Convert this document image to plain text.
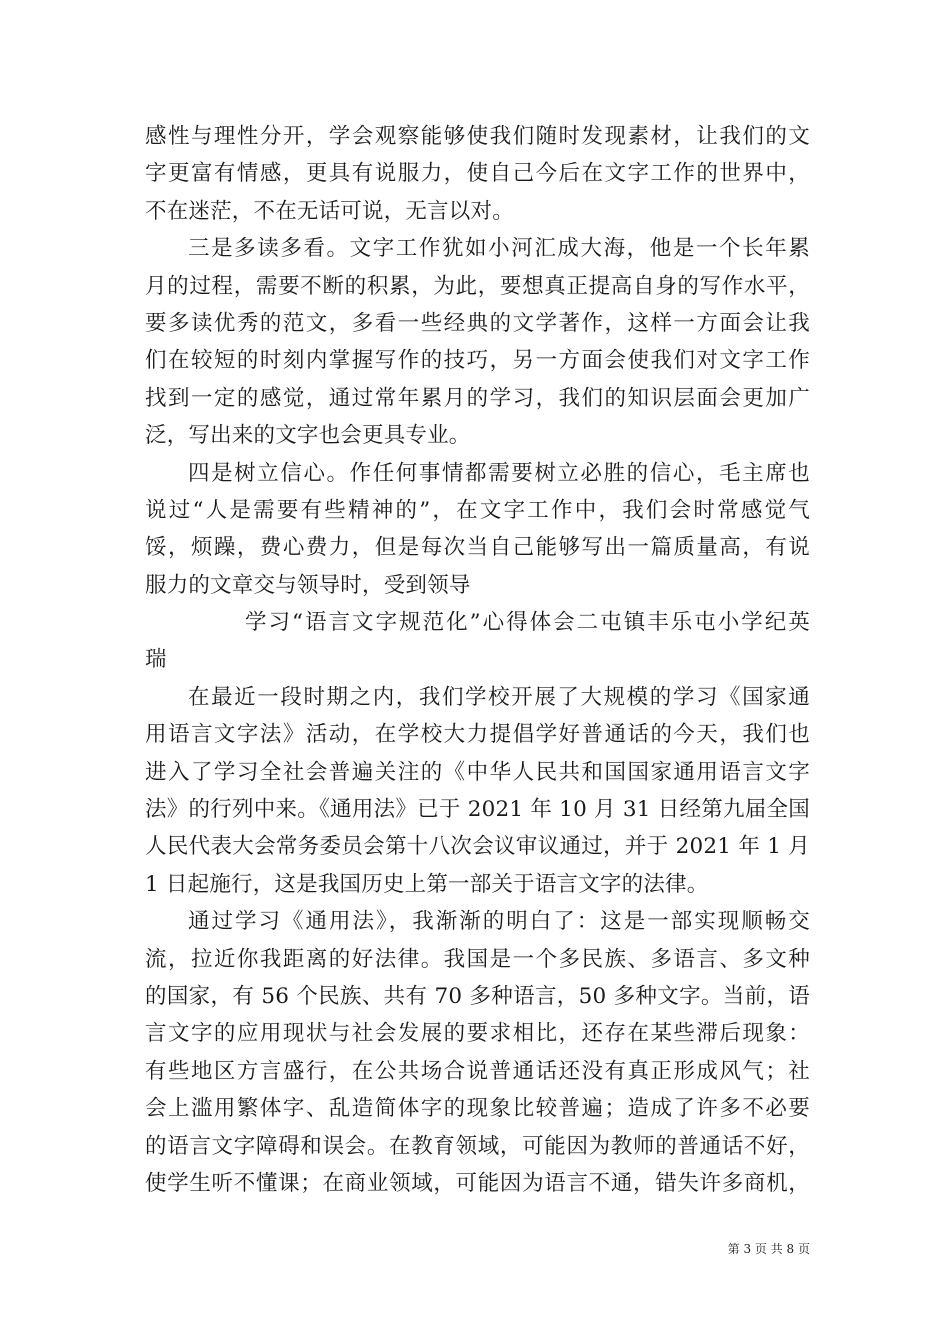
感性与理性分开，学会观察能够使我们随时发现素材，让我们的文
字更富有情感，更具有说服力，使自己今后在文字工作的世界中，
不在迷茫，不在无话可说，无言以对。
三是多读多看。文字工作犹如小河汇成大海，他是一个长年累
月的过程，需要不断的积累，为此，要想真正提高自身的写作水平，
要多读优秀的范文，多看一些经典的文学著作，这样一方面会让我
们在较短的时刻内掌握写作的技巧，另一方面会使我们对文字工作
找到一定的感觉，通过常年累月的学习，我们的知识层面会更加广
泛，写出来的文字也会更具专业。
四是树立信心。作任何事情都需要树立必胜的信心，毛主席也
说过“人是需要有些精神的”，在文字工作中，我们会时常感觉气
馁，烦躁，费心费力，但是每次当自己能够写出一篇质量高，有说
服力的文章交与领导时，受到领导
学习“语言文字规范化”心得体会二屯镇丰乐屯小学纪英
瑞
在最近一段时期之内，我们学校开展了大规模的学习《国家通
用语言文字法》活动，在学校大力提倡学好普通话的今天，我们也
进入了学习全社会普遍关注的《中华人民共和国国家通用语言文字
法》的行列中来。《通用法》已于 2021 年 10 月 31 日经第九届全国
人民代表大会常务委员会第十八次会议审议通过，并于 2021 年 1 月
1 日起施行，这是我国历史上第一部关于语言文字的法律。
通过学习《通用法》，我渐渐的明白了：这是一部实现顺畅交
流，拉近你我距离的好法律。我国是一个多民族、多语言、多文种
的国家，有 56 个民族、共有 70 多种语言，50 多种文字。当前，语
言文字的应用现状与社会发展的要求相比，还存在某些滞后现象：
有些地区方言盛行，在公共场合说普通话还没有真正形成风气；社
会上滥用繁体字、乱造简体字的现象比较普遍；造成了许多不必要
的语言文字障碍和误会。在教育领域，可能因为教师的普通话不好，
使学生听不懂课；在商业领域，可能因为语言不通，错失许多商机，
第 3 页 共 8 页
